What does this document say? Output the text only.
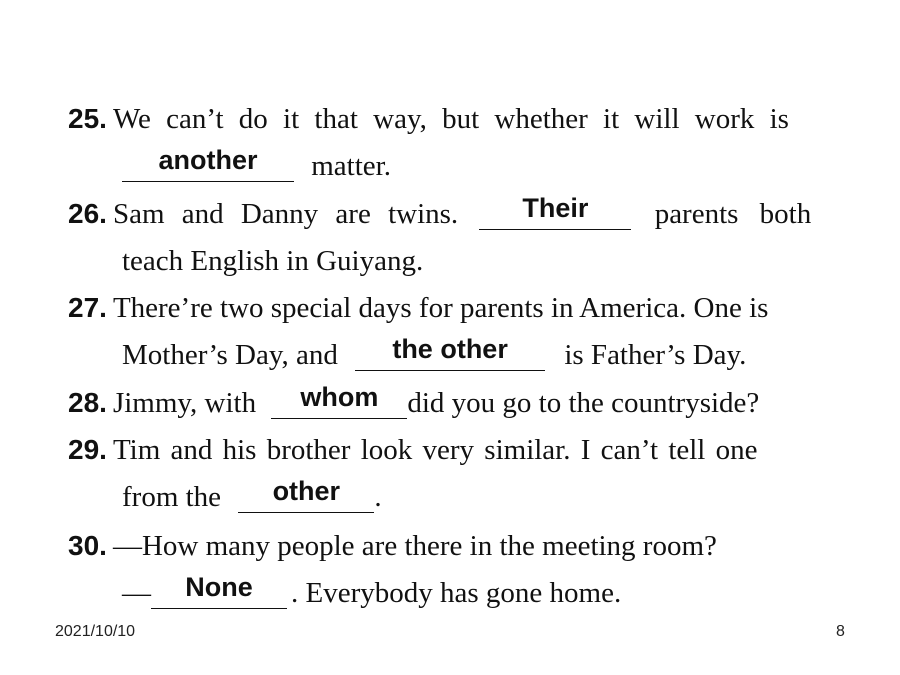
25. We can’t do it that way, but whether it will work is
another matter.
26. Sam and Danny are twins. Their parents both
teach English in Guiyang.
27. There’re two special days for parents in America. One is
Mother’s Day, and the other is Father’s Day.
28. Jimmy, with whom did you go to the countryside?
29. Tim and his brother look very similar. I can’t tell one
from the other .
30. —How many people are there in the meeting room?
— None . Everybody has gone home.
2021/10/10	8
